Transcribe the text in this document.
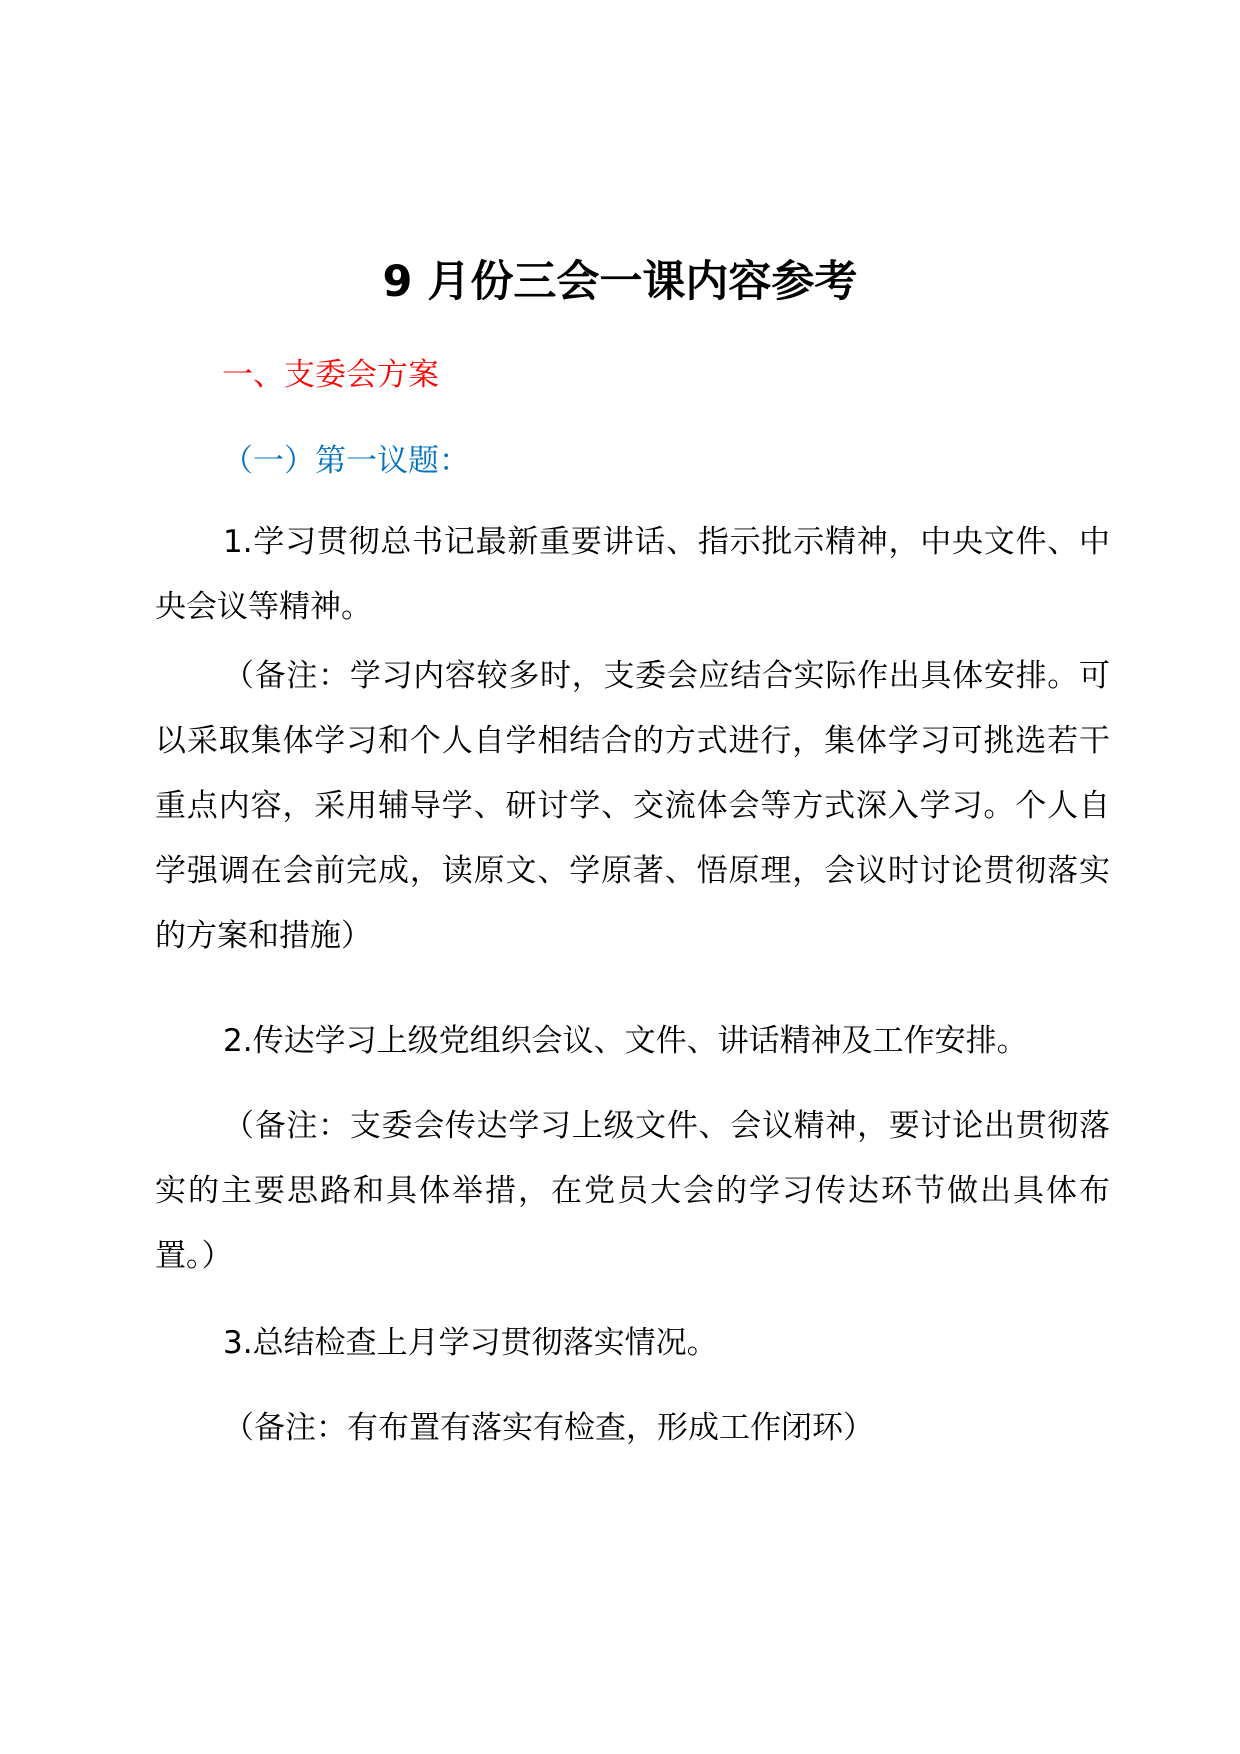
9 月份三会一课内容参考
一、支委会方案
（一）第一议题：

1.学习贯彻总书记最新重要讲话、指示批示精神，中央文件、中央会议等精神。

（备注：学习内容较多时，支委会应结合实际作出具体安排。可以采取集体学习和个人自学相结合的方式进行，集体学习可挑选若干重点内容，采用辅导学、研讨学、交流体会等方式深入学习。个人自学强调在会前完成，读原文、学原著、悟原理，会议时讨论贯彻落实的方案和措施）

2.传达学习上级党组织会议、文件、讲话精神及工作安排。

（备注：支委会传达学习上级文件、会议精神，要讨论出贯彻落实的主要思路和具体举措，在党员大会的学习传达环节做出具体布置。）

3.总结检查上月学习贯彻落实情况。

（备注：有布置有落实有检查，形成工作闭环）
